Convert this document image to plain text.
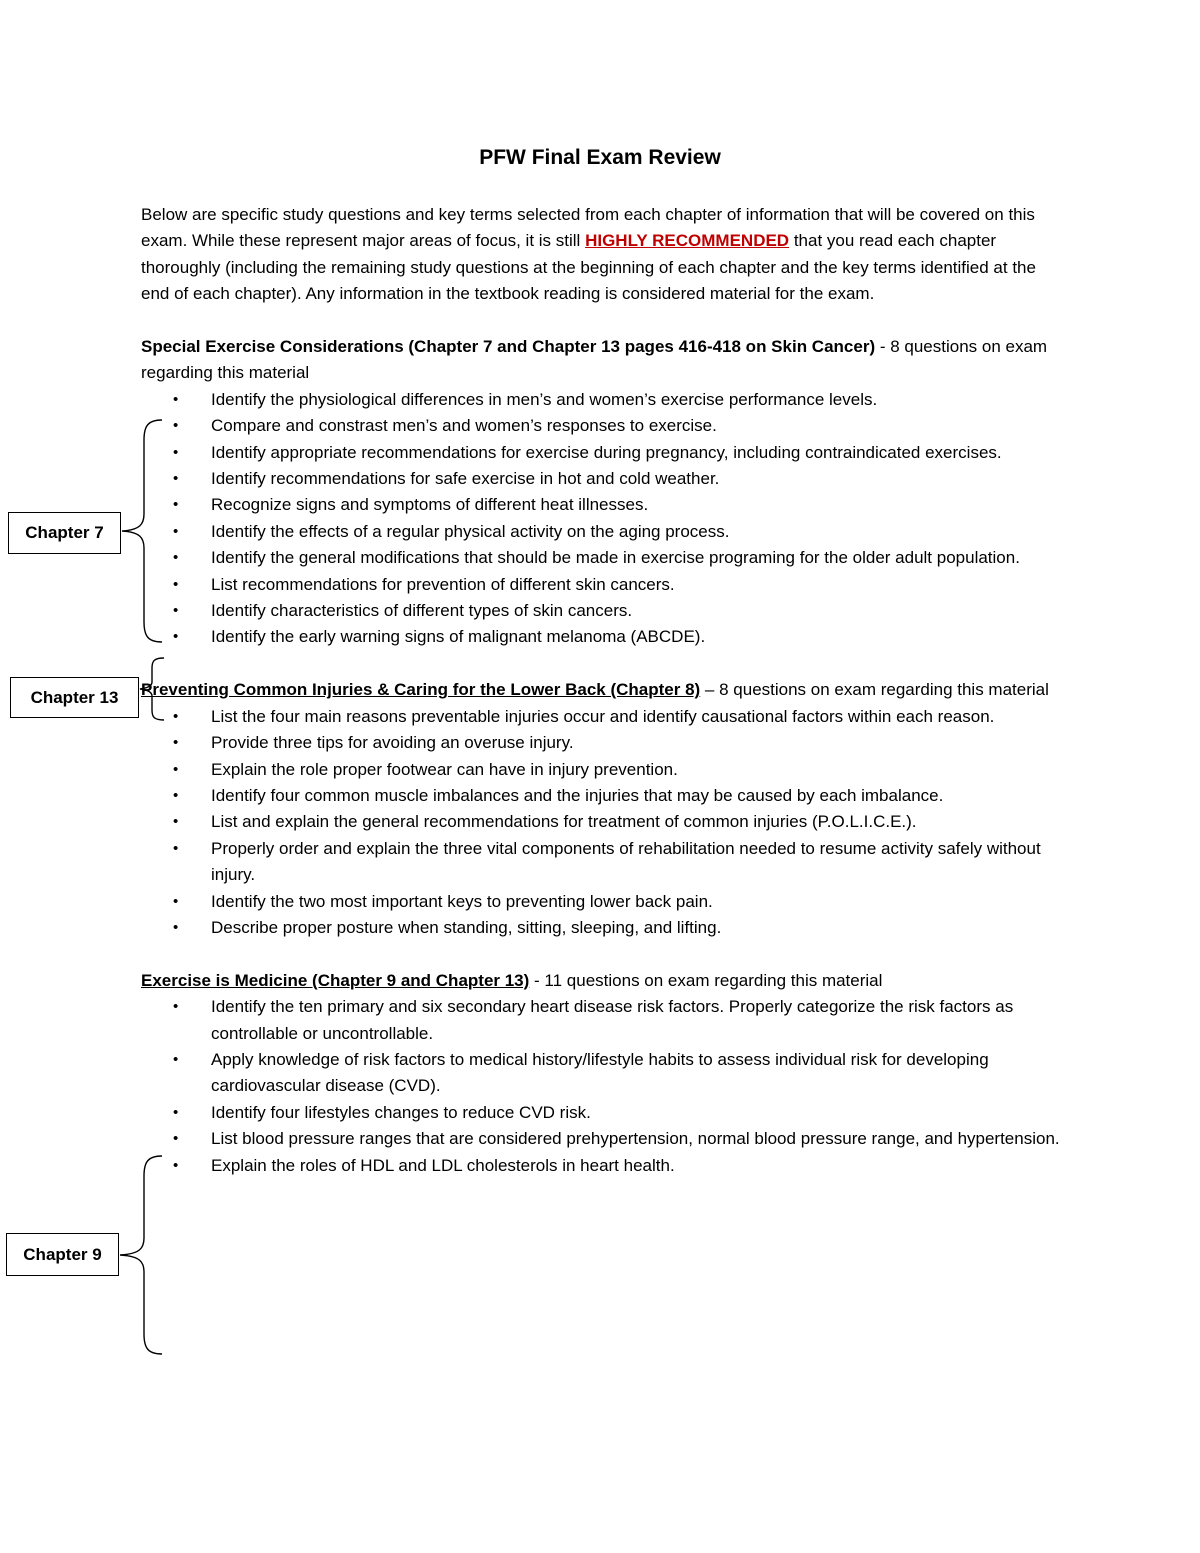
PFW Final Exam Review

Below are specific study questions and key terms selected from each chapter of information that will be covered on this exam. While these represent major areas of focus, it is still HIGHLY RECOMMENDED that you read each chapter thoroughly (including the remaining study questions at the beginning of each chapter and the key terms identified at the end of each chapter). Any information in the textbook reading is considered material for the exam.

Special Exercise Considerations (Chapter 7 and Chapter 13 pages 416-418 on Skin Cancer) - 8 questions on exam regarding this material

• Identify the physiological differences in men’s and women’s exercise performance levels.
• Compare and constrast men’s and women’s responses to exercise.
• Identify appropriate recommendations for exercise during pregnancy, including contraindicated exercises.
• Identify recommendations for safe exercise in hot and cold weather.
• Recognize signs and symptoms of different heat illnesses.
• Identify the effects of a regular physical activity on the aging process.
• Identify the general modifications that should be made in exercise programing for the older adult population.
• List recommendations for prevention of different skin cancers.
• Identify characteristics of different types of skin cancers.
• Identify the early warning signs of malignant melanoma (ABCDE).

Preventing Common Injuries & Caring for the Lower Back (Chapter 8) – 8 questions on exam regarding this material

• List the four main reasons preventable injuries occur and identify causational factors within each reason.
• Provide three tips for avoiding an overuse injury.
• Explain the role proper footwear can have in injury prevention.
• Identify four common muscle imbalances and the injuries that may be caused by each imbalance.
• List and explain the general recommendations for treatment of common injuries (P.O.L.I.C.E.).
• Properly order and explain the three vital components of rehabilitation needed to resume activity safely without injury.
• Identify the two most important keys to preventing lower back pain.
• Describe proper posture when standing, sitting, sleeping, and lifting.

Exercise is Medicine (Chapter 9 and Chapter 13) - 11 questions on exam regarding this material

• Identify the ten primary and six secondary heart disease risk factors. Properly categorize the risk factors as controllable or uncontrollable.
• Apply knowledge of risk factors to medical history/lifestyle habits to assess individual risk for developing cardiovascular disease (CVD).
• Identify four lifestyles changes to reduce CVD risk.
• List blood pressure ranges that are considered prehypertension, normal blood pressure range, and hypertension.
• Explain the roles of HDL and LDL cholesterols in heart health.
Chapter 7
Chapter 13
Chapter 9
